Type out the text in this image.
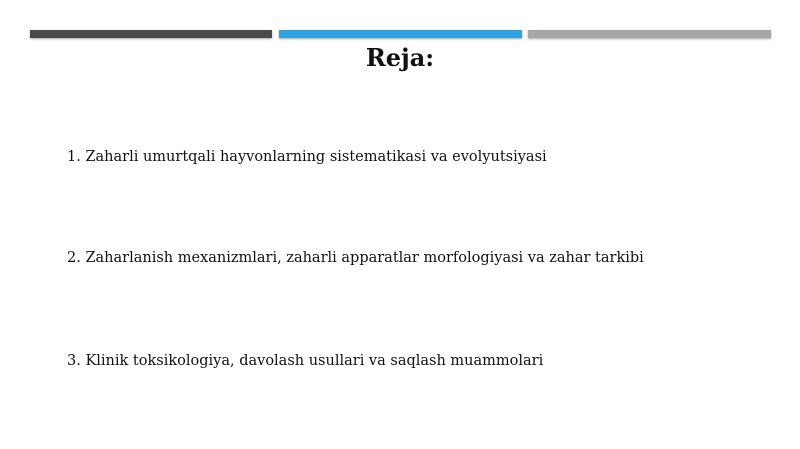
Reja:
1. Zaharli umurtqali hayvonlarning sistematikasi va evolyutsiyasi
2. Zaharlanish mexanizmlari, zaharli apparatlar morfologiyasi va zahar tarkibi
3. Klinik toksikologiya, davolash usullari va saqlash muammolari
